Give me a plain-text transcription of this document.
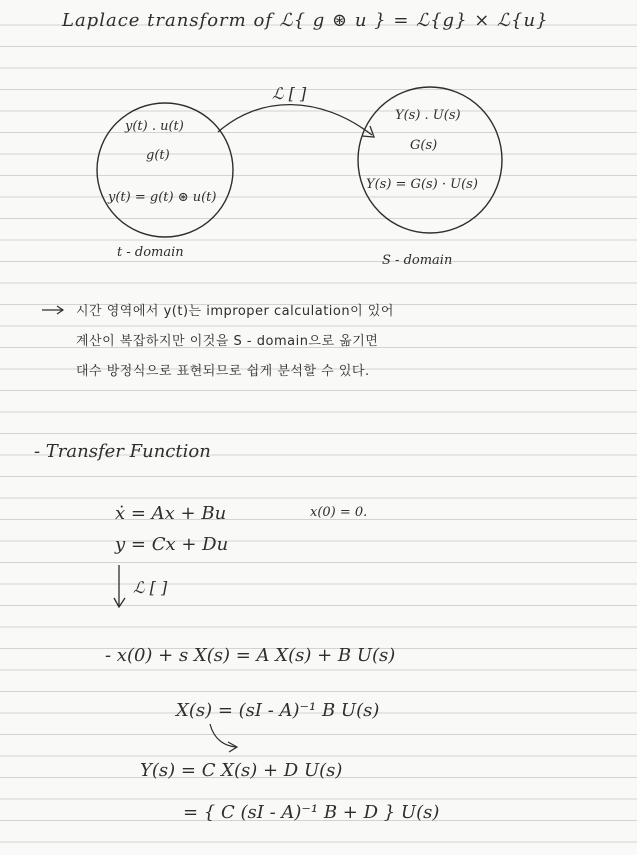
Laplace transform of ℒ{ g ⊛ u } = ℒ{g} × ℒ{u}
ℒ [ ]
y(t) . u(t)
g(t)
y(t) = g(t) ⊛ u(t)
t - domain
Y(s) . U(s)
G(s)
Y(s) = G(s) · U(s)
S - domain
시간 영역에서 y(t)는 improper calculation이 있어
계산이 복잡하지만 이것을 S - domain으로 옮기면
대수 방정식으로 표현되므로 쉽게 분석할 수 있다.
- Transfer Function
ẋ = Ax + Bu	x(0) = 0.
y = Cx + Du
ℒ [ ]
- x(0) + s X(s) = A X(s) + B U(s)
X(s) = (sI - A)⁻¹ B U(s)
Y(s) = C X(s) + D U(s)
= { C (sI - A)⁻¹ B + D } U(s)
